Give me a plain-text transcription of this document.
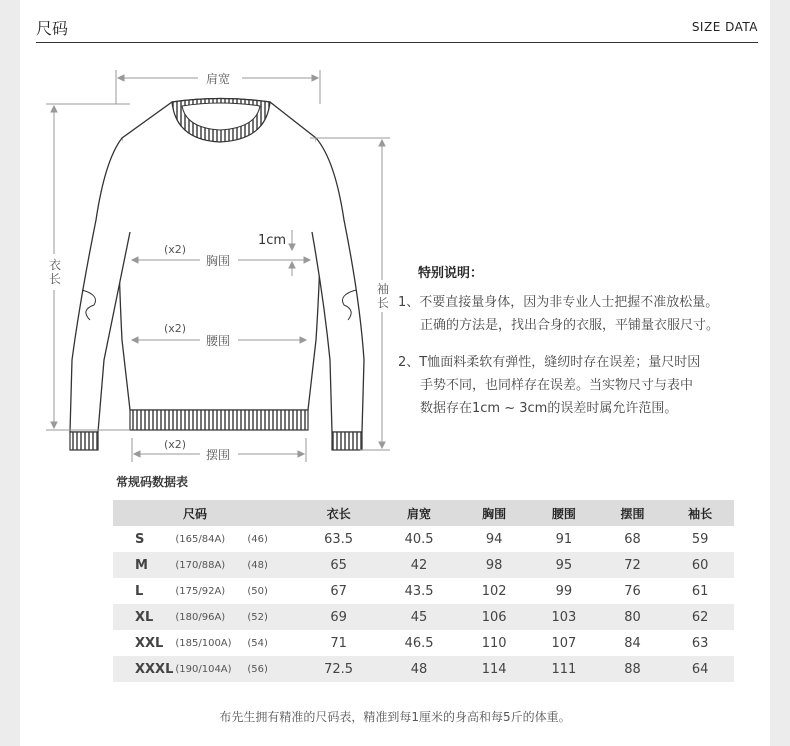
尺码	SIZE DATA
肩宽
衣长
袖长
(x2)
胸围
1cm
(x2)
腰围
(x2)
摆围
特别说明：

1、不要直接量身体，因为非专业人士把握不准放松量。

正确的方法是，找出合身的衣服，平铺量衣服尺寸。

2、T恤面料柔软有弹性，缝纫时存在误差；量尺时因

手势不同，也同样存在误差。当实物尺寸与表中

数据存在1cm ~ 3cm的误差时属允许范围。

常规码数据表
尺码			衣长	肩宽	胸围	腰围	摆围	袖长
S	(165/84A)	(46)	63.5	40.5	94	91	68	59
M	(170/88A)	(48)	65	42	98	95	72	60
L	(175/92A)	(50)	67	43.5	102	99	76	61
XL	(180/96A)	(52)	69	45	106	103	80	62
XXL	(185/100A)	(54)	71	46.5	110	107	84	63
XXXL	(190/104A)	(56)	72.5	48	114	111	88	64
布先生拥有精准的尺码表，精准到每1厘米的身高和每5斤的体重。
